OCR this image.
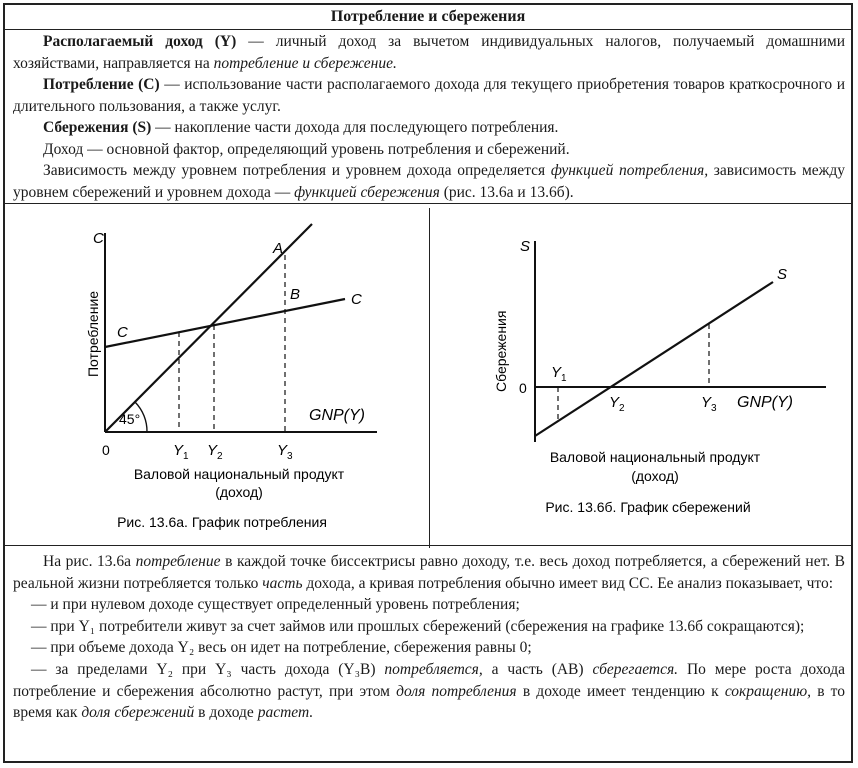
Потребление и сбережения

Располагаемый доход (Y) — личный доход за вычетом индивидуальных налогов, получаемый домашними хозяйствами, направляется на потребление и сбережение.

Потребление (C) — использование части располагаемого дохода для текущего приобретения товаров краткосрочного и длительного пользования, а также услуг.

Сбережения (S) — накопление части дохода для последующего потребления.

Доход — основной фактор, определяющий уровень потребления и сбережений.

Зависимость между уровнем потребления и уровнем дохода определяется функцией потребления, зависимость между уровнем сбережений и уровнем дохода — функцией сбережения (рис. 13.6а и 13.6б).

C
Потребление C
C
A
B
45°	GNP(Y)
0	$Y_1$ $Y_2$	$Y_3$
Валовой национальный продукт
(доход)
Рис. 13.6а. График потребления
S
Сбережения 0
S
$Y_1$
$Y_2$	$Y_3$ GNP(Y)
Валовой национальный продукт
(доход)
Рис. 13.6б. График сбережений

На рис. 13.6а потребление в каждой точке биссектрисы равно доходу, т.е. весь доход потребляется, а сбережений нет. В реальной жизни потребляется только часть дохода, а кривая потребления обычно имеет вид CC. Ее анализ показывает, что:

— и при нулевом доходе существует определенный уровень потребления;

— при Y₁ потребители живут за счет займов или прошлых сбережений (сбережения на графике 13.6б сокращаются);

— при объеме дохода Y₂ весь он идет на потребление, сбережения равны 0;

— за пределами Y₂ при Y₃ часть дохода (Y₃B) потребляется, а часть (AB) сберегается. По мере роста дохода потребление и сбережения абсолютно растут, при этом доля потребления в доходе имеет тенденцию к сокращению, в то время как доля сбережений в доходе растет.
